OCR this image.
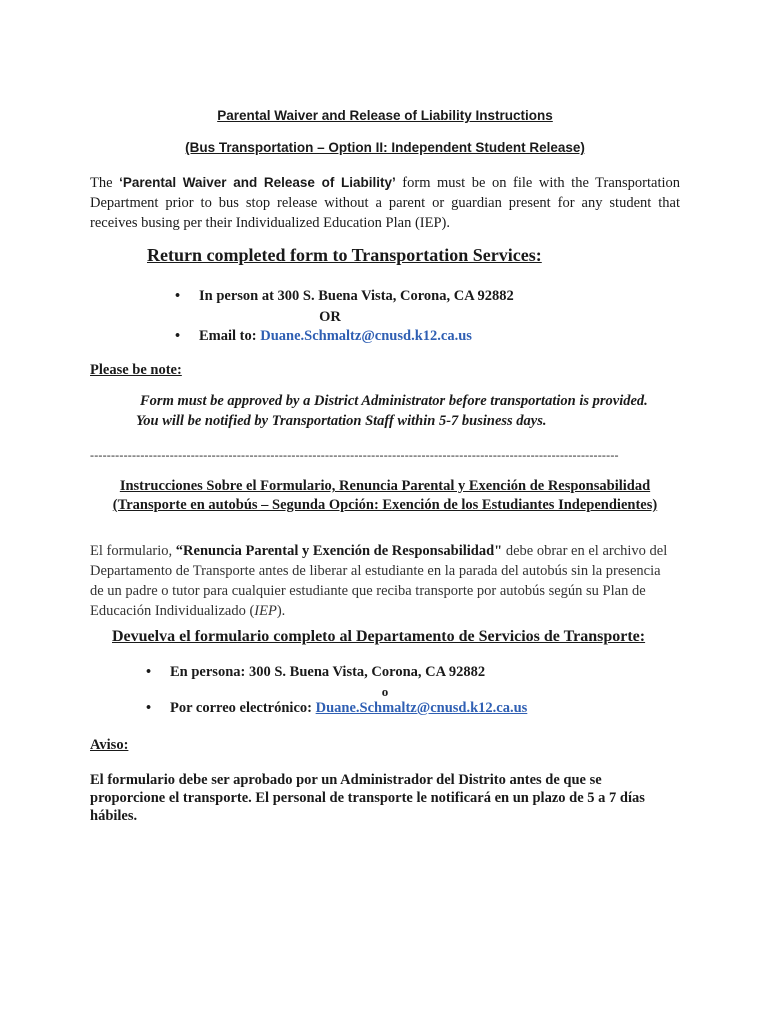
Parental Waiver and Release of Liability Instructions
(Bus Transportation – Option II: Independent Student Release)
The ‘Parental Waiver and Release of Liability’ form must be on file with the Transportation Department prior to bus stop release without a parent or guardian present for any student that receives busing per their Individualized Education Plan (IEP).
Return completed form to Transportation Services:
• In person at 300 S. Buena Vista, Corona, CA 92882
OR
• Email to: Duane.Schmaltz@cnusd.k12.ca.us
Please be note:
Form must be approved by a District Administrator before transportation is provided.
You will be notified by Transportation Staff within 5-7 business days.
------------------------------------------------------------------------------------------------------------------------------
Instrucciones Sobre el Formulario, Renuncia Parental y Exención de Responsabilidad
(Transporte en autobús – Segunda Opción: Exención de los Estudiantes Independientes)
El formulario, “Renuncia Parental y Exención de Responsabilidad" debe obrar en el archivo del Departamento de Transporte antes de liberar al estudiante en la parada del autobús sin la presencia de un padre o tutor para cualquier estudiante que reciba transporte por autobús según su Plan de Educación Individualizado (IEP).
Devuelva el formulario completo al Departamento de Servicios de Transporte:
• En persona: 300 S. Buena Vista, Corona, CA 92882
o
• Por correo electrónico: Duane.Schmaltz@cnusd.k12.ca.us
Aviso:
El formulario debe ser aprobado por un Administrador del Distrito antes de que se proporcione el transporte. El personal de transporte le notificará en un plazo de 5 a 7 días hábiles.
